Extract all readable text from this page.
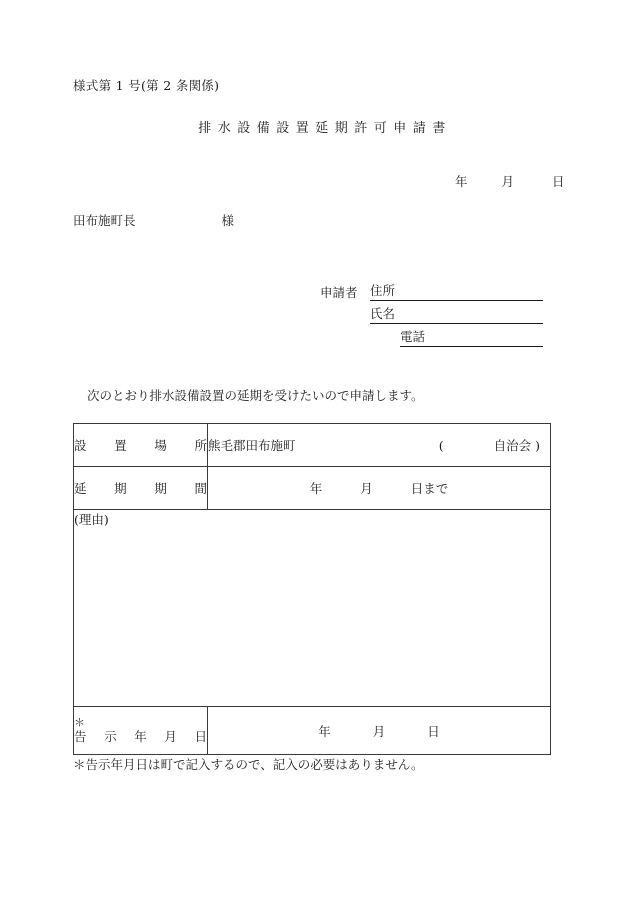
様式第 1 号(第 2 条関係)
排水設備設置延期許可申請書
年	月	日
田布施町長	様
申請者 住所
氏名
電話
次のとおり排水設備設置の延期を受けたいので申請します。
設 置 場 所	熊毛郡田布施町 ( 自治会 )

延 期 期 間	年 月 日まで
(理由)	

＊
告 示 年 月 日	年	月	日
＊告示年月日は町で記入するので、記入の必要はありません。
